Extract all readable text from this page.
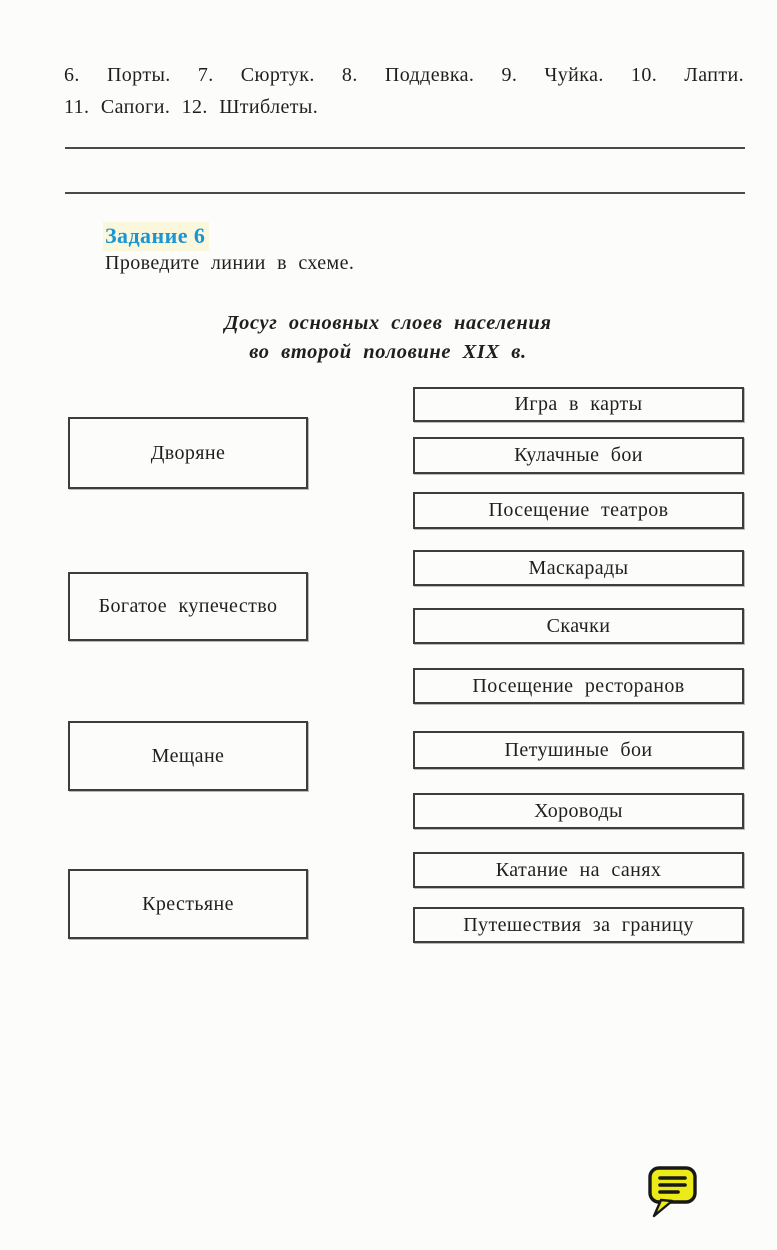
6. Порты. 7. Сюртук. 8. Поддевка. 9. Чуйка. 10. Лапти.
11. Сапоги. 12. Штиблеты.

Задание 6

Проведите линии в схеме.

Досуг основных слоев населения
во второй половине XIX в.
Дворяне
Богатое купечество
Мещане
Крестьяне
Игра в карты
Кулачные бои
Посещение театров
Маскарады
Скачки
Посещение ресторанов
Петушиные бои
Хороводы
Катание на санях
Путешествия за границу
